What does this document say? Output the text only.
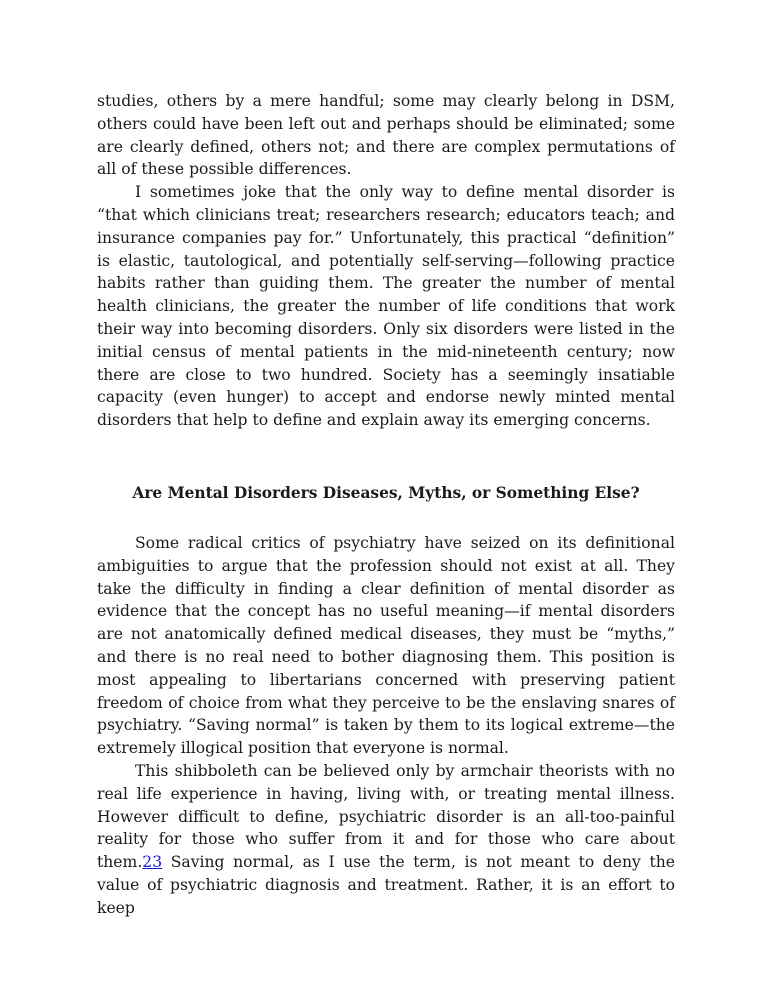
studies, others by a mere handful; some may clearly belong in DSM, others could have been left out and perhaps should be eliminated; some are clearly defined, others not; and there are complex permutations of all of these possible differences.

I sometimes joke that the only way to define mental disorder is “that which clinicians treat; researchers research; educators teach; and insurance companies pay for.” Unfortunately, this practical “definition” is elastic, tautological, and potentially self-serving—following practice habits rather than guiding them. The greater the number of mental health clinicians, the greater the number of life conditions that work their way into becoming disorders. Only six disorders were listed in the initial census of mental patients in the mid-nineteenth century; now there are close to two hundred. Society has a seemingly insatiable capacity (even hunger) to accept and endorse newly minted mental disorders that help to define and explain away its emerging concerns.

Are Mental Disorders Diseases, Myths, or Something Else?

Some radical critics of psychiatry have seized on its definitional ambiguities to argue that the profession should not exist at all. They take the difficulty in finding a clear definition of mental disorder as evidence that the concept has no useful meaning—if mental disorders are not anatomically defined medical diseases, they must be “myths,” and there is no real need to bother diagnosing them. This position is most appealing to libertarians concerned with preserving patient freedom of choice from what they perceive to be the enslaving snares of psychiatry. “Saving normal” is taken by them to its logical extreme—the extremely illogical position that everyone is normal.

This shibboleth can be believed only by armchair theorists with no real life experience in having, living with, or treating mental illness. However difficult to define, psychiatric disorder is an all-too-painful reality for those who suffer from it and for those who care about them.23 Saving normal, as I use the term, is not meant to deny the value of psychiatric diagnosis and treatment. Rather, it is an effort to keep
